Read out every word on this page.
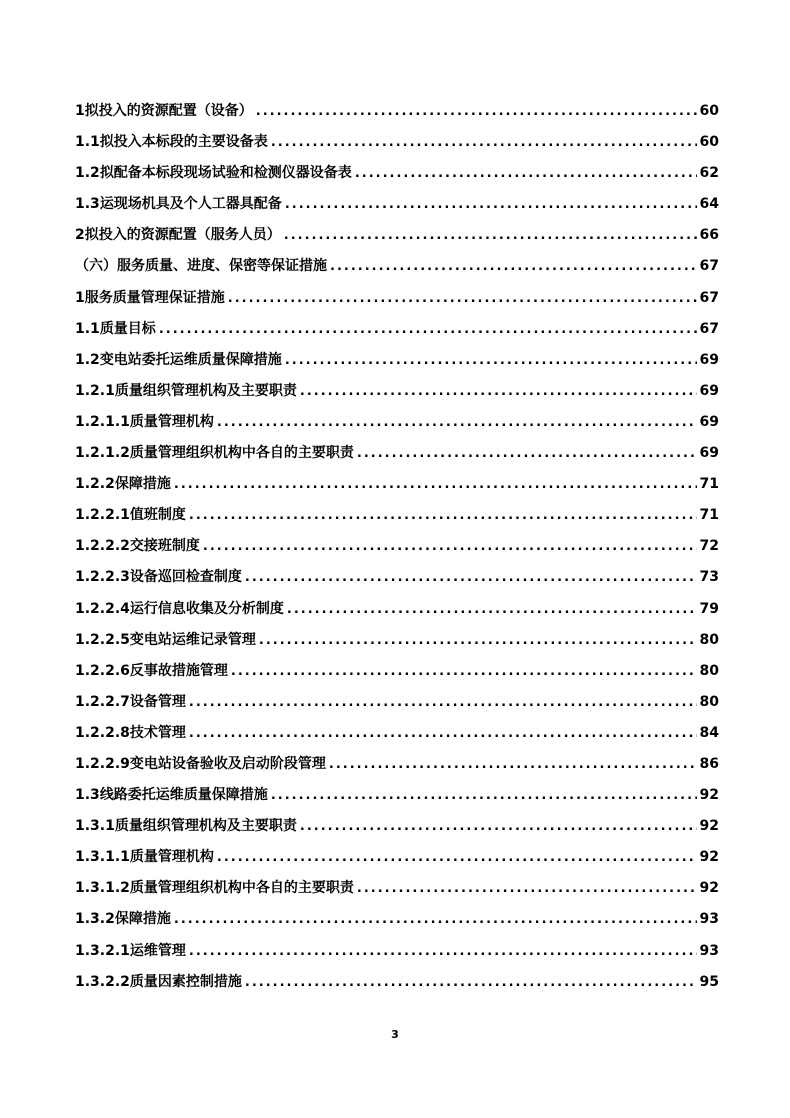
1 拟投入的资源配置（设备） .....	60
1.1 拟投入本标段的主要设备表 .....	60
1.2 拟配备本标段现场试验和检测仪器设备表 .....	62
1.3 运现场机具及个人工器具配备 .....	64
2 拟投入的资源配置（服务人员） .....	66
（六） 服务质量、进度、保密等保证措施 .....	67
1 服务质量管理保证措施 .....	67
1.1 质量目标 .....	67
1.2 变电站委托运维质量保障措施 .....	69
1.2.1 质量组织管理机构及主要职责 .....	69
1.2.1.1 质量管理机构 .....	69
1.2.1.2 质量管理组织机构中各自的主要职责 .....	69
1.2.2 保障措施 .....	71
1.2.2.1 值班制度 .....	71
1.2.2.2 交接班制度 .....	72
1.2.2.3 设备巡回检查制度 .....	73
1.2.2.4 运行信息收集及分析制度 .....	79
1.2.2.5 变电站运维记录管理 .....	80
1.2.2.6 反事故措施管理 .....	80
1.2.2.7 设备管理 .....	80
1.2.2.8 技术管理 .....	84
1.2.2.9 变电站设备验收及启动阶段管理 .....	86
1.3 线路委托运维质量保障措施 .....	92
1.3.1 质量组织管理机构及主要职责 .....	92
1.3.1.1 质量管理机构 .....	92
1.3.1.2 质量管理组织机构中各自的主要职责 .....	92
1.3.2 保障措施 .....	93
1.3.2.1 运维管理 .....	93
1.3.2.2 质量因素控制措施 .....	95
3
